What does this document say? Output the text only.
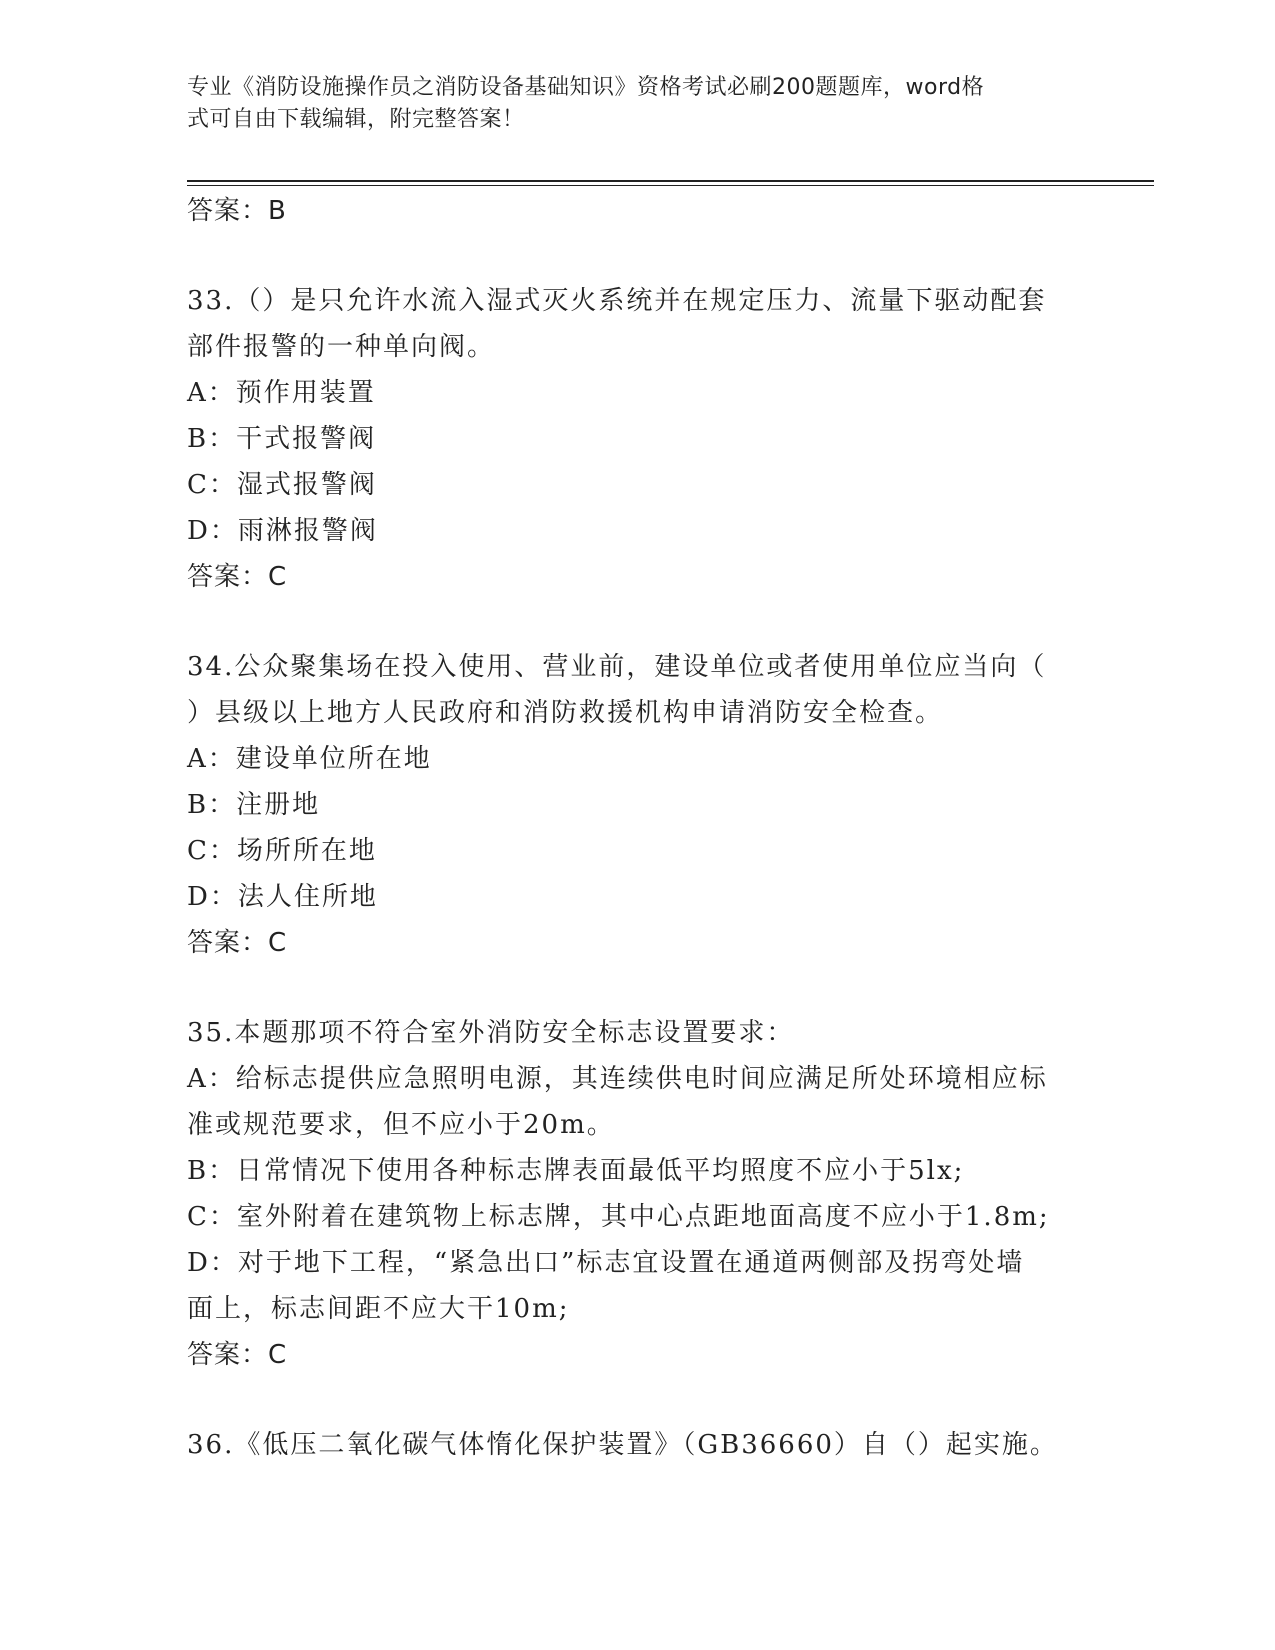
专业《消防设施操作员之消防设备基础知识》资格考试必刷200题题库，word格
式可自由下载编辑，附完整答案！
答案：B
33.（）是只允许水流入湿式灭火系统并在规定压力、流量下驱动配套
部件报警的一种单向阀。
A：预作用装置
B：干式报警阀
C：湿式报警阀
D：雨淋报警阀
答案：C
34.公众聚集场在投入使用、营业前，建设单位或者使用单位应当向（
）县级以上地方人民政府和消防救援机构申请消防安全检查。
A：建设单位所在地
B：注册地
C：场所所在地
D：法人住所地
答案：C
35.本题那项不符合室外消防安全标志设置要求：
A：给标志提供应急照明电源，其连续供电时间应满足所处环境相应标
准或规范要求，但不应小于20m。
B：日常情况下使用各种标志牌表面最低平均照度不应小于5lx;
C：室外附着在建筑物上标志牌，其中心点距地面高度不应小于1.8m;
D：对于地下工程，“紧急出口”标志宜设置在通道两侧部及拐弯处墙
面上，标志间距不应大干10m;
答案：C
36.《低压二氧化碳气体惰化保护装置》（GB36660）自（）起实施。
